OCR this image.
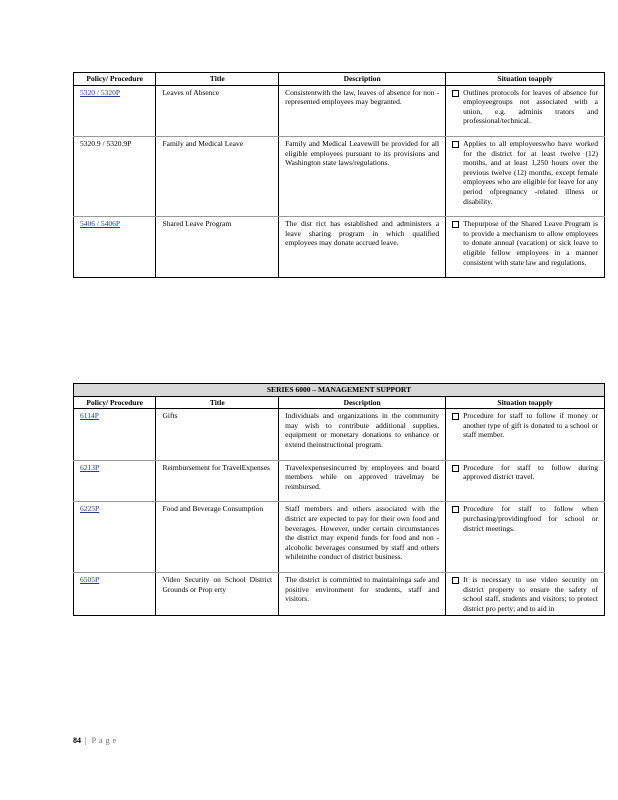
Policy/ Procedure	Title	Description	Situation toapply
5320 / 5320P	Leaves of Absence	Consistentwith the law, leaves of absence for non - represented employees may begranted.	Outlines protocols for leaves of absence for employeegroups not associated with a union, e.g. adminis trators and professional/technical.

5320.9 / 5320.9P	Family and Medical Leave	Family and Medical Leavewill be provided for all eligible employees pursuant to its provisions and Washington state laws/regulations.	Applies to all employeeswho have worked for the district for at least twelve (12) months, and at least 1,250 hours over the previous twelve (12) months, except female employees who are eligible for leave for any period ofpregnancy -related illness or disability.

5406 / 5406P	Shared Leave Program	The dist rict has established and administers a leave sharing program in which qualified employees may donate accrued leave.	Thepurpose of the Shared Leave Program is to provide a mechanism to allow employees to donate annual (vacation) or sick leave to eligible fellow employees in a manner consistent with state law and regulations.
SERIES 6000 – MANAGEMENT SUPPORT			
Policy/ Procedure	Title	Description	Situation toapply
6114P	Gifts	Individuals and organizations in the community may wish to contribute additional supplies, equipment or monetary donations to enhance or extend theinstructional program.	Procedure for staff to follow if money or another type of gift is donated to a school or staff member.

6213P	Reimbursement for TravelExpenses	Travelexpensesincurred by employees and board members while on approved travelmay be reimbursed.	Procedure for staff to follow during approved district travel.

6225P	Food and Beverage Consumption	Staff members and others associated with the district are expected to pay for their own food and beverages. However, under certain circumstances the district may expend funds for food and non - alcoholic beverages consumed by staff and others whileinthe conduct of district business.	Procedure for staff to follow when purchasing/providingfood for school or district meetings.

6505P	Video Security on School District Grounds or Prop erty	The district is committed to maintaininga safe and positive environment for students, staff and visitors.	It is necessary to use video security on district property to ensure the safety of school staff, students and visitors; to protect district pro perty; and to aid in
84 | Page
